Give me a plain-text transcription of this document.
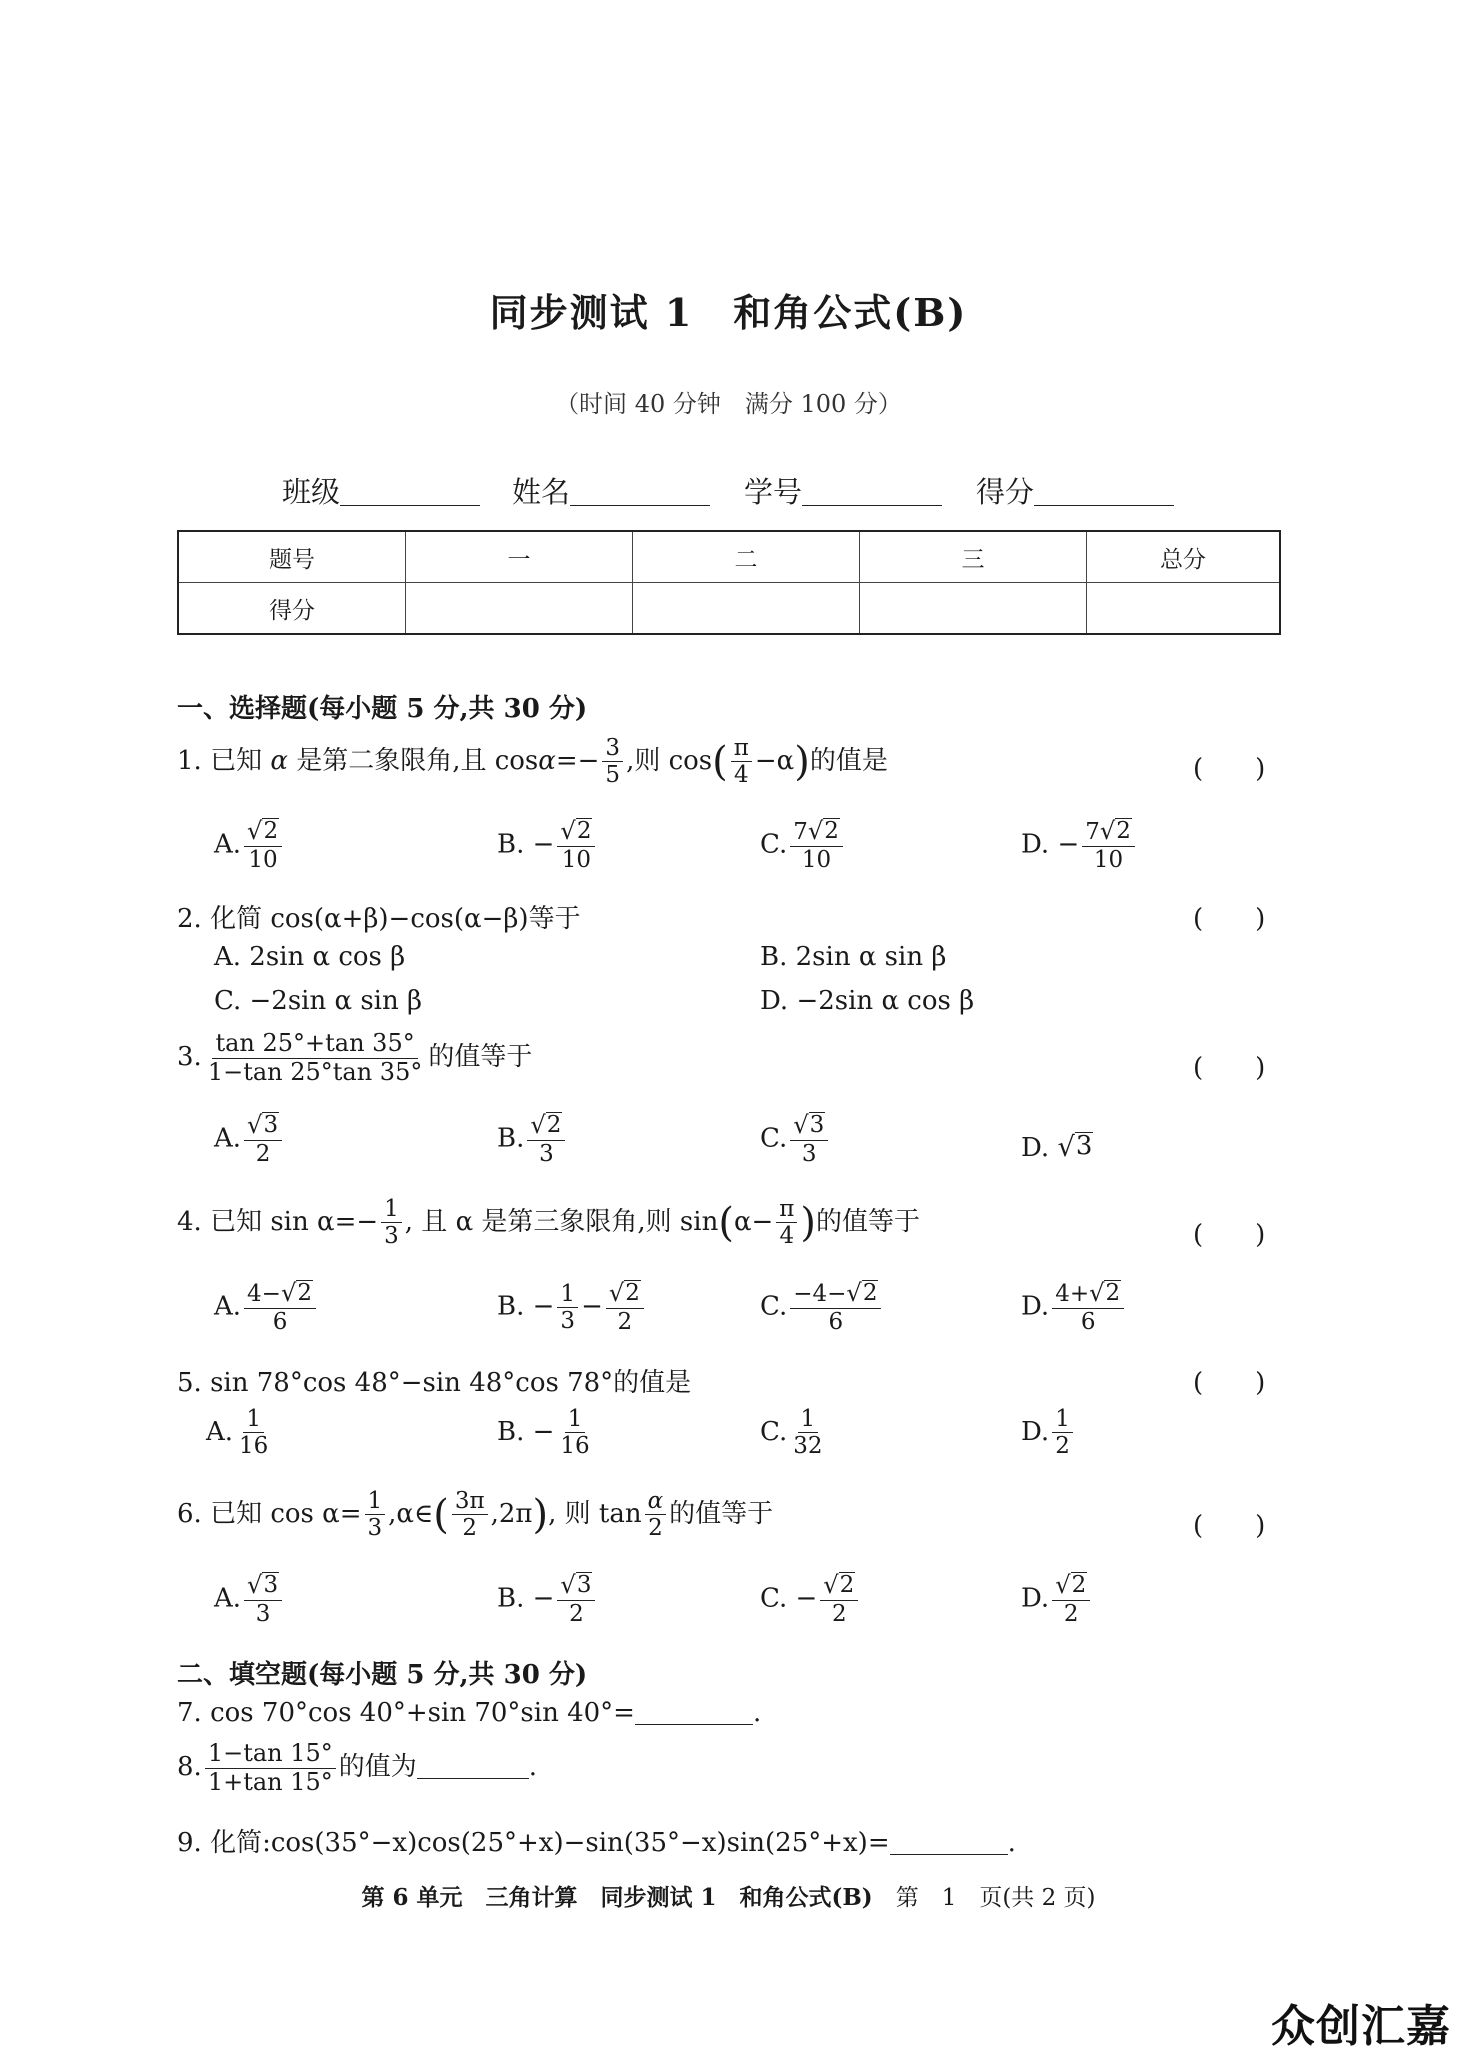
同步测试 1　和角公式(B)
（时间 40 分钟　满分 100 分）
班级	姓名	学号	得分
题号	一	二	三	总分
得分				
一、选择题(每小题 5 分,共 30 分)
1. 已知 α 是第二象限角,且 $\cos\alpha=- \frac{3}{5}$ ,则 $\cos( \frac{\pi}{4} -\alpha)$的值是	(　　)
A. $\frac{√ 2}{10}$	B. − $\frac{√ 2}{10}$	C. $\frac{7 √ 2}{10}$	D. − $\frac{7 √ 2}{10}$
2. 化简 cos(α+β)−cos(α−β)等于	(　　)
A. 2sin α cos β	B. 2sin α sin β
C. −2sin α sin β	D. −2sin α cos β
3. $\frac{\tan 25^\circ+\tan 35^\circ}{1-\tan 25^\circ\tan 35^\circ}$ 的值等于	(　　)
A. $\frac{√ 3}{2}$	B. $\frac{√ 2}{3}$	C. $\frac{√ 3}{3}$	D. √ 3
4. 已知 $\sin \alpha=- \frac{1}{3}$ , 且 α 是第三象限角,则 $\sin(\alpha- \frac{\pi}{4}$ )的值等于	(　　)
A. $\frac{4- √ 2}{6}$	B. − $\frac{1}{3} - \frac{√ 2}{2}$	C. $\frac{-4- √ 2}{6}$	D. $\frac{4+ √ 2}{6}$
5. sin 78°cos 48°−sin 48°cos 78°的值是	(　　)
A. $\frac{1}{16}$	B. − $\frac{1}{16}$	C. $\frac{1}{32}$	D. $\frac{1}{2}$
6. 已知 $\cos \alpha= \frac{1}{3}$ ,α∈( $\frac{3\pi}{2} ,2\pi$), 则 $\tan \frac{\alpha}{2}$ 的值等于	(　　)
A. $\frac{√ 3}{3}$	B. − $\frac{√ 3}{2}$	C. − $\frac{√ 2}{2}$	D. $\frac{√ 2}{2}$
二、填空题(每小题 5 分,共 30 分)
7. cos 70°cos 40°+sin 70°sin 40°=	.
8. $\frac{1-\tan 15^\circ}{1+\tan 15^\circ}$ 的值为	.
9. 化简:cos(35°−x)cos(25°+x)−sin(35°−x)sin(25°+x)=	.
第 6 单元　三角计算　同步测试 1　和角公式(B)　第　1　页(共 2 页)
众创汇嘉
